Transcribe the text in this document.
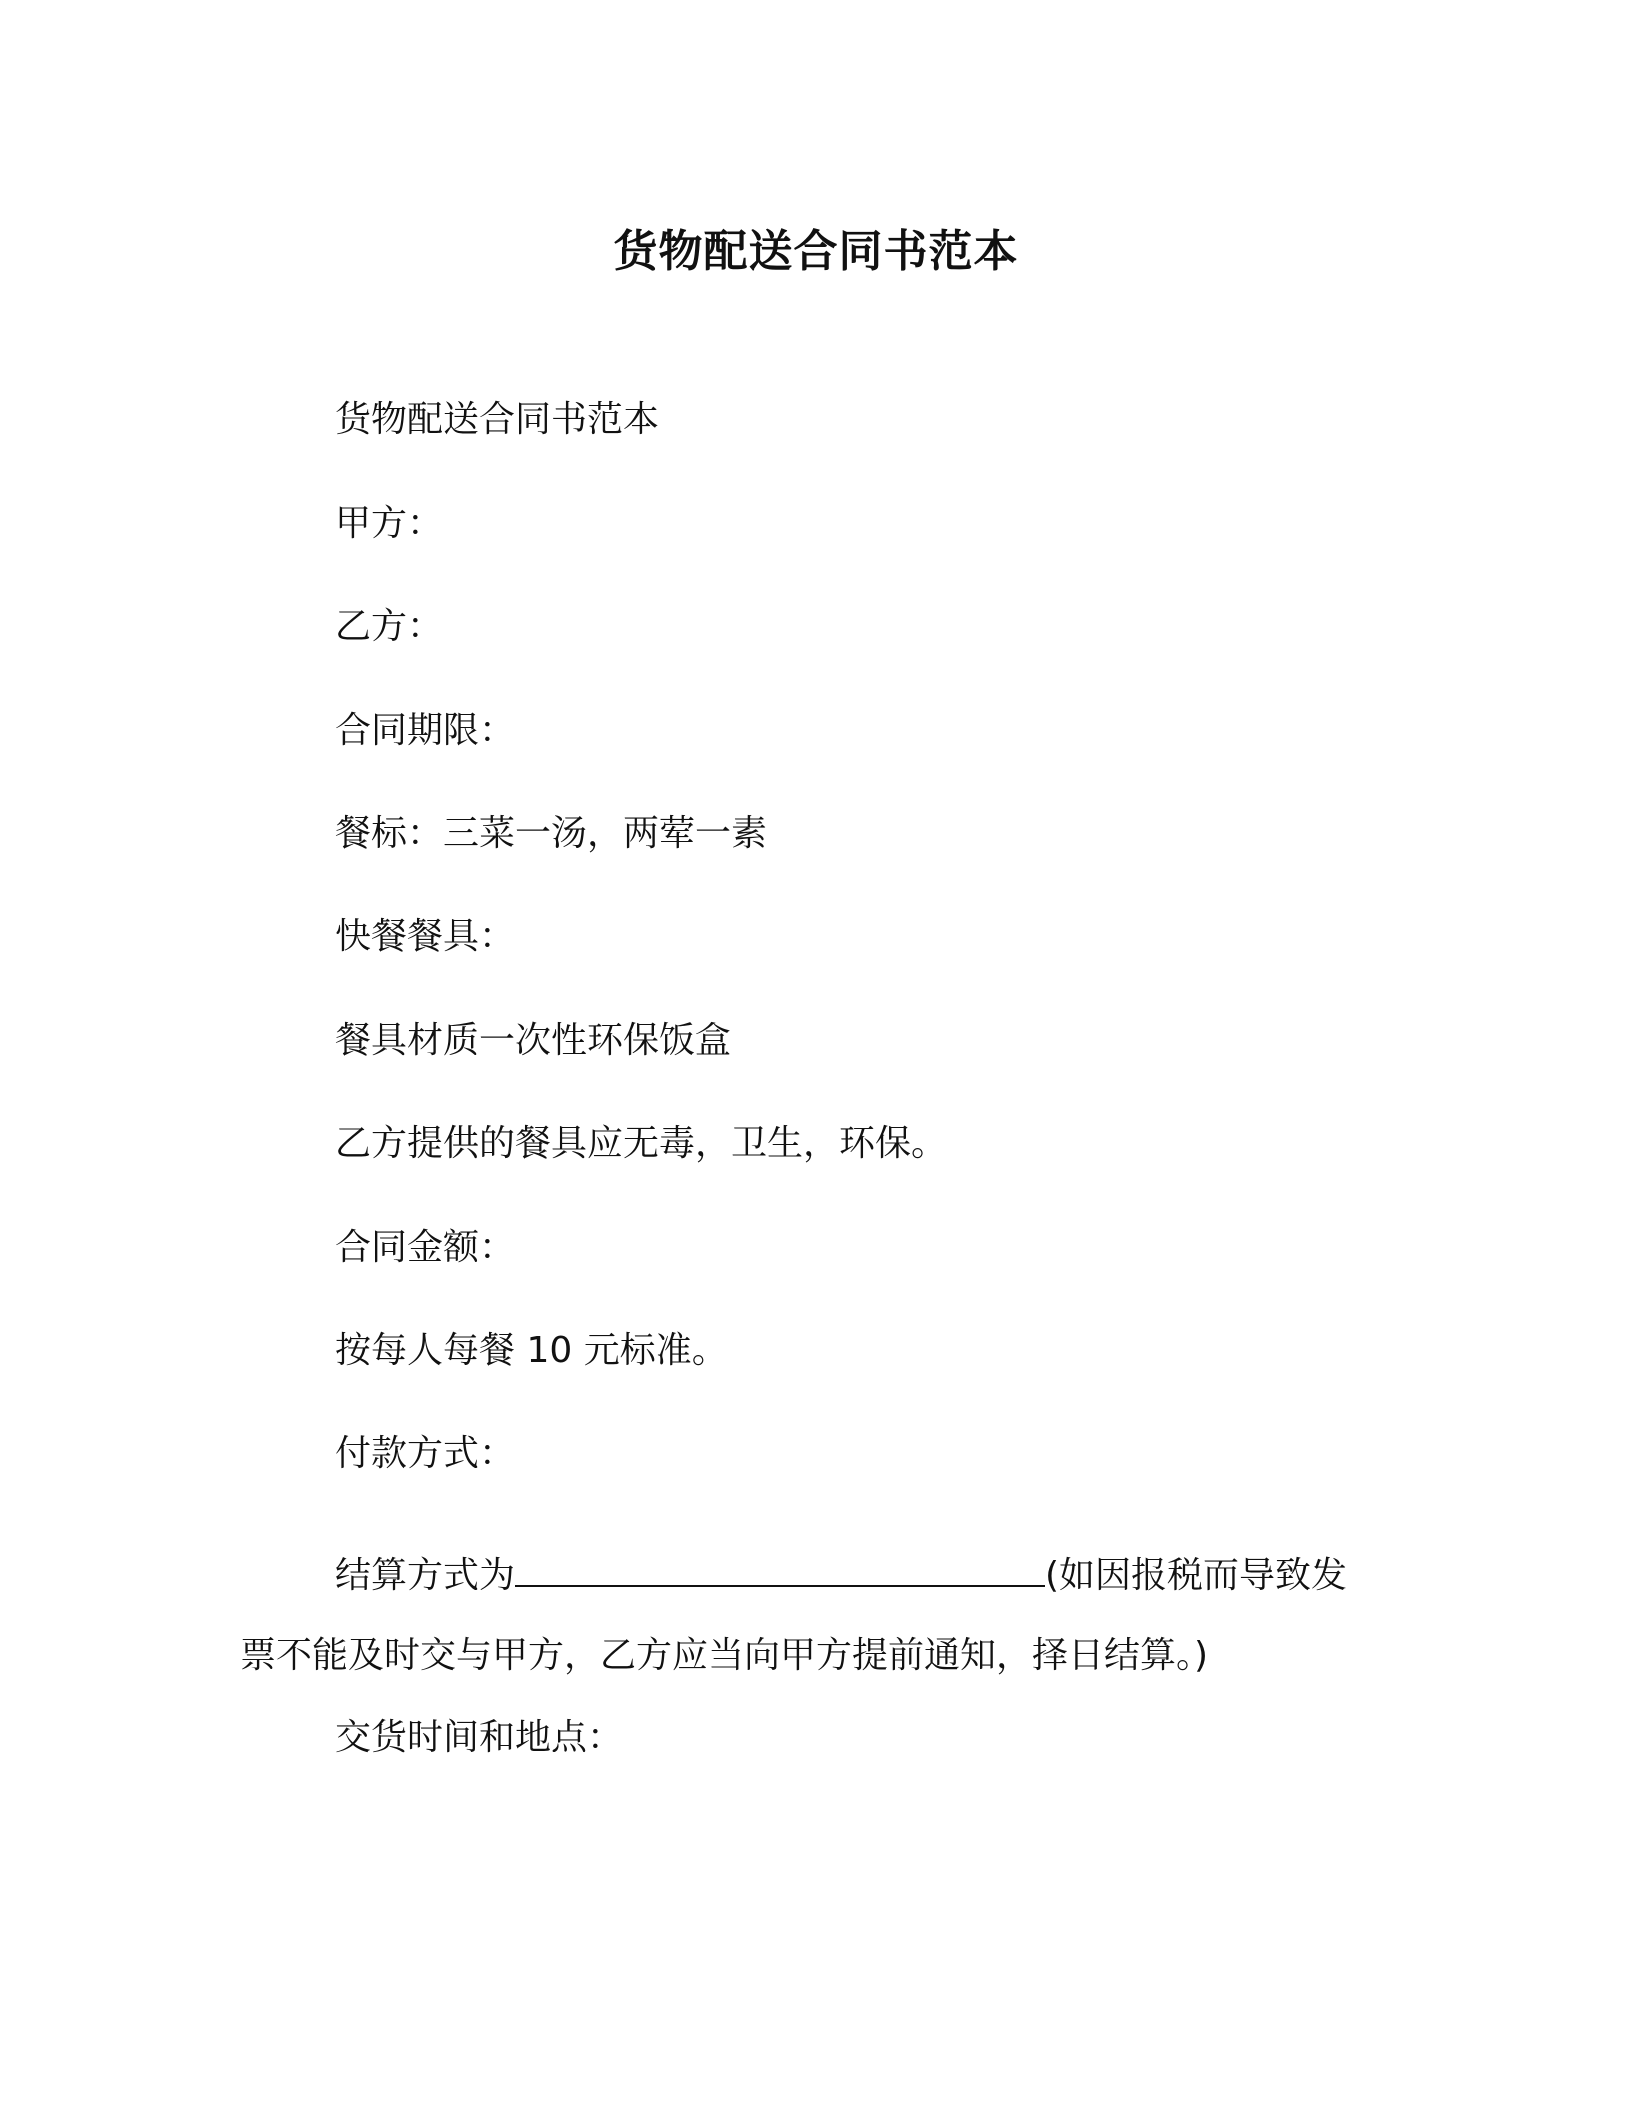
货物配送合同书范本

货物配送合同书范本

甲方：

乙方：

合同期限：

餐标：三菜一汤，两荤一素

快餐餐具：

餐具材质一次性环保饭盒

乙方提供的餐具应无毒，卫生，环保。

合同金额：

按每人每餐 10 元标准。

付款方式：

结算方式为	(如因报税而导致发票不能及时交与甲方，乙方应当向甲方提前通知，择日结算。)

交货时间和地点：
